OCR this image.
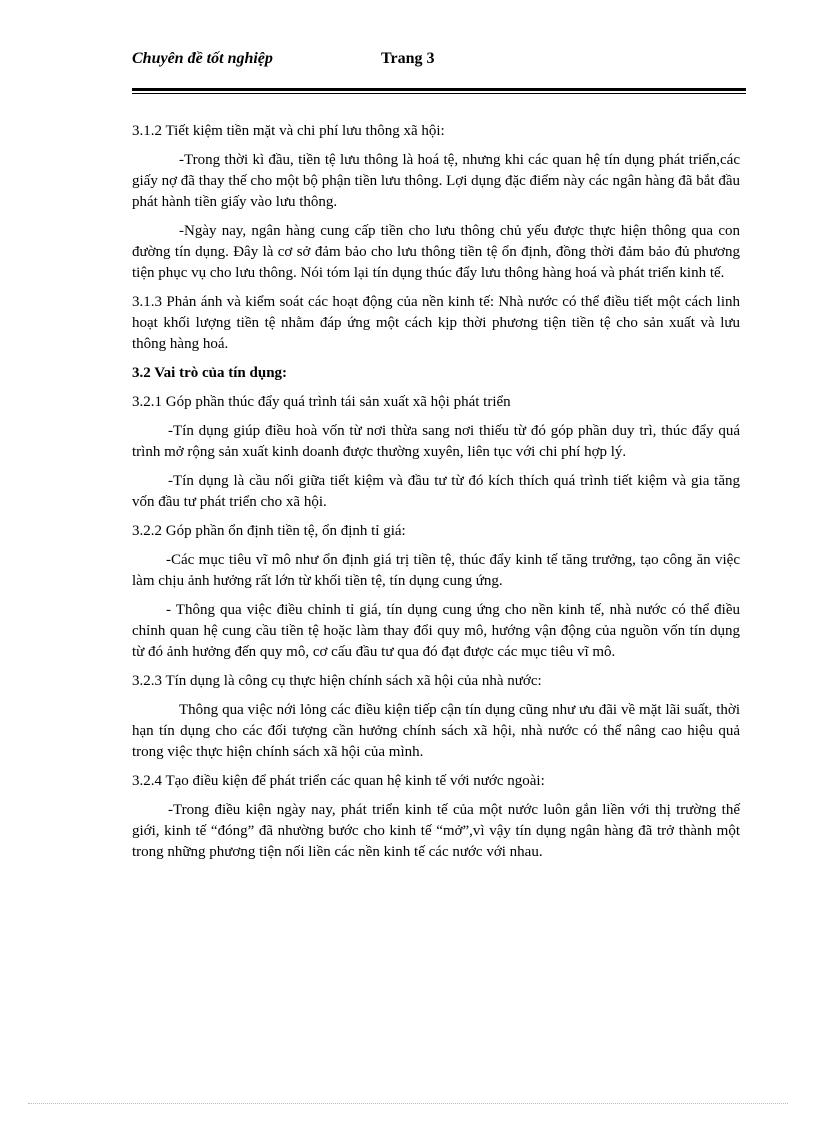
Chuyên đề tốt nghiệp	Trang 3

3.1.2 Tiết kiệm tiền mặt và chi phí lưu thông xã hội:

-Trong thời kì đầu, tiền tệ lưu thông là hoá tệ, nhưng khi các quan hệ tín dụng phát triển,các giấy nợ đã thay thế cho một bộ phận tiền lưu thông. Lợi dụng đặc điểm này các ngân hàng đã bắt đầu phát hành tiền giấy vào lưu thông.

-Ngày nay, ngân hàng cung cấp tiền cho lưu thông chủ yếu được thực hiện thông qua con đường tín dụng. Đây là cơ sở đảm bảo cho lưu thông tiền tệ ổn định, đồng thời đảm bảo đủ phương tiện phục vụ cho lưu thông. Nói tóm lại tín dụng thúc đẩy lưu thông hàng hoá và phát triển kinh tế.

3.1.3 Phản ánh và kiểm soát các hoạt động của nền kinh tế: Nhà nước có thể điều tiết một cách linh hoạt khối lượng tiền tệ nhằm đáp ứng một cách kịp thời phương tiện tiền tệ cho sản xuất và lưu thông hàng hoá.

3.2 Vai trò của tín dụng:

3.2.1 Góp phần thúc đẩy quá trình tái sản xuất xã hội phát triển

-Tín dụng giúp điều hoà vốn từ nơi thừa sang nơi thiếu từ đó góp phần duy trì, thúc đẩy quá trình mở rộng sản xuất kinh doanh được thường xuyên, liên tục với chi phí hợp lý.

-Tín dụng là cầu nối giữa tiết kiệm và đầu tư từ đó kích thích quá trình tiết kiệm và gia tăng vốn đầu tư phát triển cho xã hội.

3.2.2 Góp phần ổn định tiền tệ, ổn định tỉ giá:

-Các mục tiêu vĩ mô như ổn định giá trị tiền tệ, thúc đẩy kinh tế tăng trưởng, tạo công ăn việc làm chịu ảnh hưởng rất lớn từ khối tiền tệ, tín dụng cung ứng.

- Thông qua việc điều chỉnh tỉ giá, tín dụng cung ứng cho nền kinh tế, nhà nước có thể điều chỉnh quan hệ cung cầu tiền tệ hoặc làm thay đổi quy mô, hướng vận động của nguồn vốn tín dụng từ đó ảnh hưởng đến quy mô, cơ cấu đầu tư qua đó đạt được các mục tiêu vĩ mô.

3.2.3 Tín dụng là công cụ thực hiện chính sách xã hội của nhà nước:

Thông qua việc nới lỏng các điều kiện tiếp cận tín dụng cũng như ưu đãi về mặt lãi suất, thời hạn tín dụng cho các đối tượng cần hưởng chính sách xã hội, nhà nước có thể nâng cao hiệu quả trong việc thực hiện chính sách xã hội của mình.

3.2.4 Tạo điều kiện để phát triển các quan hệ kinh tế với nước ngoài:

-Trong điều kiện ngày nay, phát triển kinh tế của một nước luôn gắn liền với thị trường thế giới, kinh tế “đóng” đã nhường bước cho kinh tế “mở”,vì vậy tín dụng ngân hàng đã trở thành một trong những phương tiện nối liền các nền kinh tế các nước với nhau.
